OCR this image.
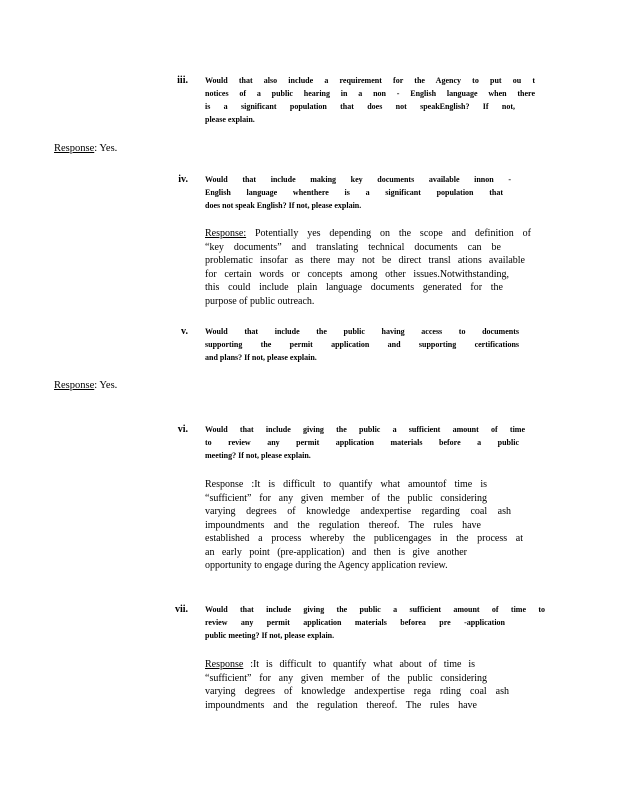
iii. Would that also include a requirement for the Agency to put ou t
notices of a public hearing in a non - English language when there
is a significant population that does not speakEnglish? If not,
please explain.
Response: Yes.
iv. Would that include making key documents available innon -
English language whenthere is a significant population that
does not speak English? If not, please explain.
Response: Potentially yes depending on the scope and definition of
“key documents” and translating technical documents can be
problematic insofar as there may not be direct transl ations available
for certain words or concepts among other issues.Notwithstanding,
this could include plain language documents generated for the
purpose of public outreach.
v. Would that include the public having access to documents
supporting the permit application and supporting certifications
and plans? If not, please explain.
Response: Yes.
vi. Would that include giving the public a sufficient amount of time
to review any permit application materials before a public
meeting? If not, please explain.
Response :It is difficult to quantify what amountof time is
“sufficient” for any given member of the public considering
varying degrees of knowledge andexpertise regarding coal ash
impoundments and the regulation thereof. The rules have
established a process whereby the publicengages in the process at
an early point (pre-application) and then is give another
opportunity to engage during the Agency application review.
vii. Would that include giving the public a sufficient amount of time to
review any permit application materials beforea pre -application
public meeting? If not, please explain.
Response :It is difficult to quantify what about of time is
“sufficient” for any given member of the public considering
varying degrees of knowledge andexpertise rega rding coal ash
impoundments and the regulation thereof. The rules have
